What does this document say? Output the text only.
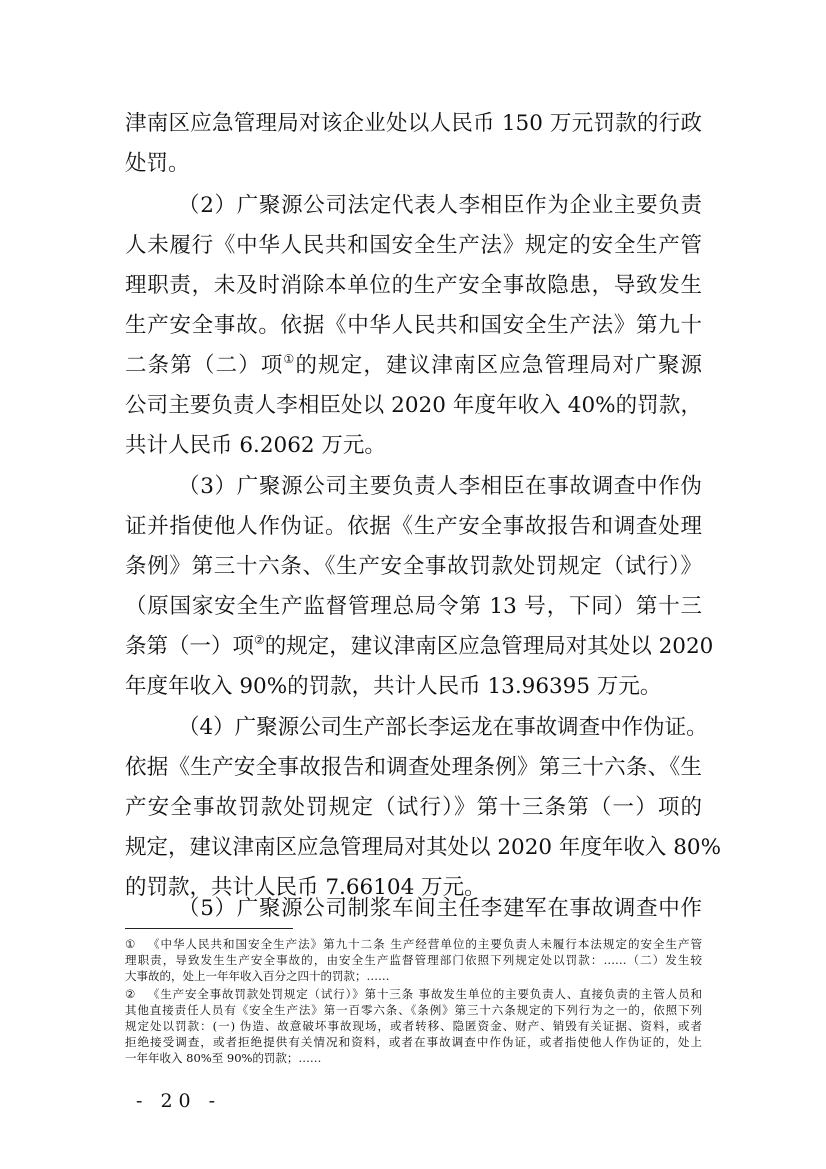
津南区应急管理局对该企业处以人民币 150 万元罚款的行政
处罚。
（2）广聚源公司法定代表人李相臣作为企业主要负责
人未履行《中华人民共和国安全生产法》规定的安全生产管
理职责，未及时消除本单位的生产安全事故隐患，导致发生
生产安全事故。依据《中华人民共和国安全生产法》第九十
二条第（二）项①的规定，建议津南区应急管理局对广聚源
公司主要负责人李相臣处以 2020 年度年收入 40%的罚款，
共计人民币 6.2062 万元。
（3）广聚源公司主要负责人李相臣在事故调查中作伪
证并指使他人作伪证。依据《生产安全事故报告和调查处理
条例》第三十六条、《生产安全事故罚款处罚规定（试行）》
（原国家安全生产监督管理总局令第 13 号，下同）第十三
条第（一）项②的规定，建议津南区应急管理局对其处以 2020
年度年收入 90%的罚款，共计人民币 13.96395 万元。
（4）广聚源公司生产部长李运龙在事故调查中作伪证。
依据《生产安全事故报告和调查处理条例》第三十六条、《生
产安全事故罚款处罚规定（试行）》第十三条第（一）项的
规定，建议津南区应急管理局对其处以 2020 年度年收入 80%
的罚款，共计人民币 7.66104 万元。
（5）广聚源公司制浆车间主任李建军在事故调查中作
① 《中华人民共和国安全生产法》第九十二条 生产经营单位的主要负责人未履行本法规定的安全生产管
理职责，导致发生生产安全事故的，由安全生产监督管理部门依照下列规定处以罚款：……（二）发生较
大事故的，处上一年年收入百分之四十的罚款；……
② 《生产安全事故罚款处罚规定（试行）》第十三条 事故发生单位的主要负责人、直接负责的主管人员和
其他直接责任人员有《安全生产法》第一百零六条、《条例》第三十六条规定的下列行为之一的，依照下列
规定处以罚款：(一) 伪造、故意破坏事故现场，或者转移、隐匿资金、财产、销毁有关证据、资料，或者
拒绝接受调查，或者拒绝提供有关情况和资料，或者在事故调查中作伪证，或者指使他人作伪证的，处上
一年年收入 80%至 90%的罚款；……
- 20 -
